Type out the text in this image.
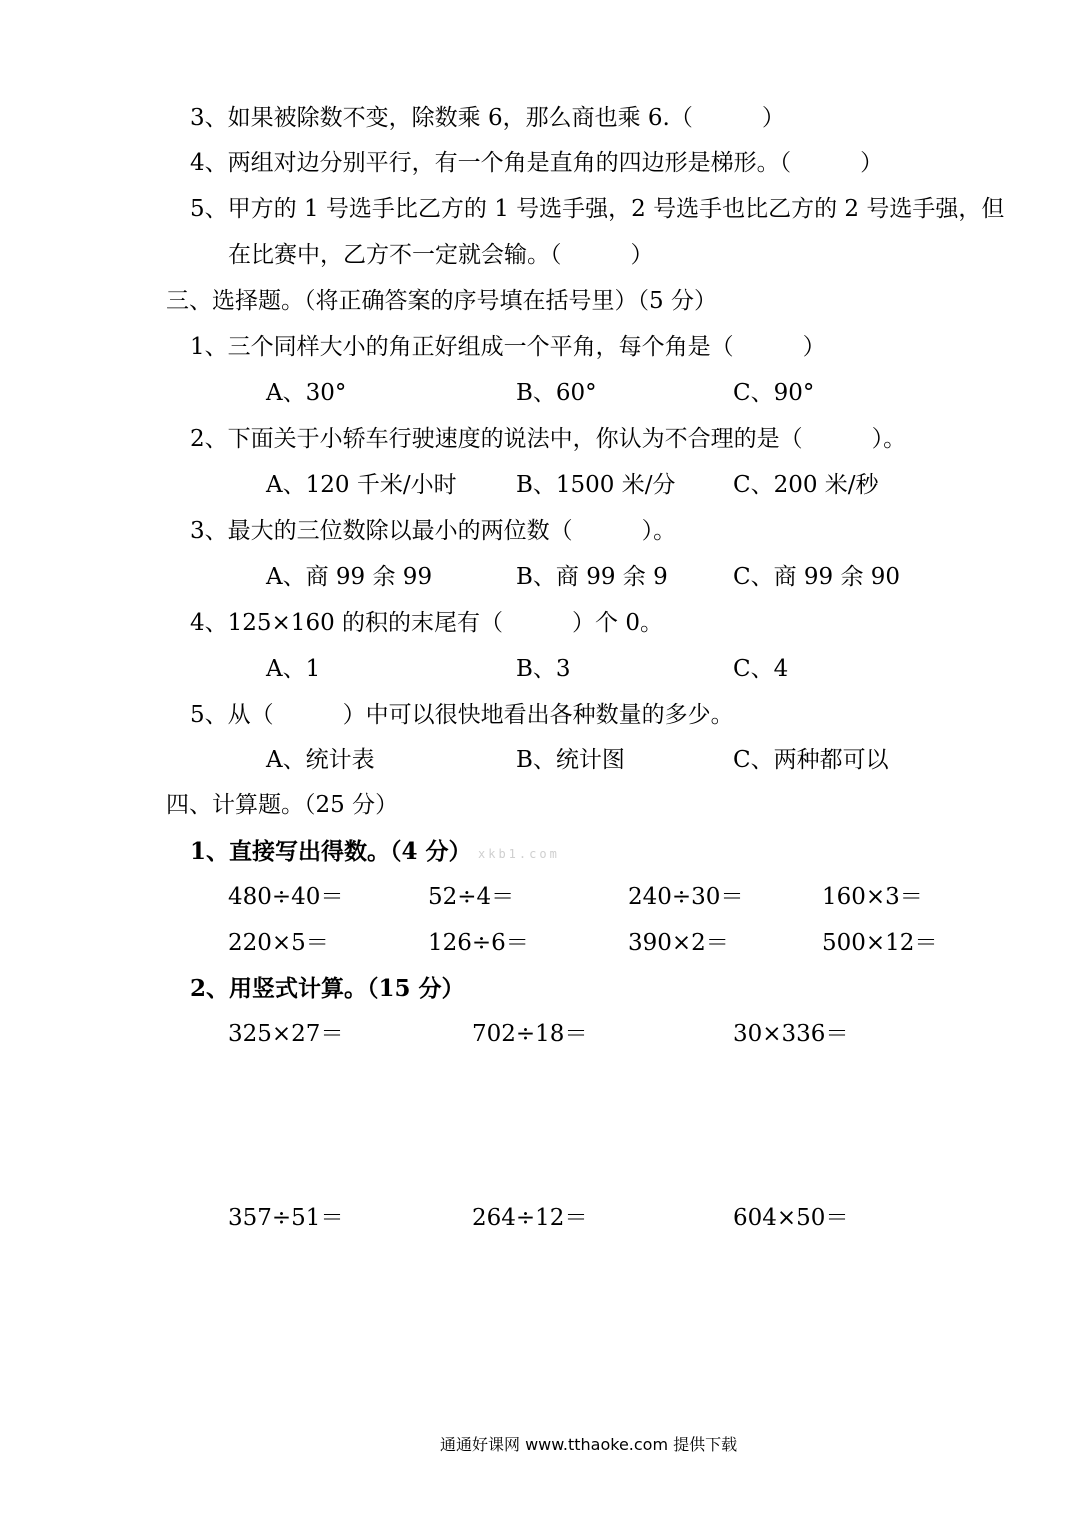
3、如果被除数不变，除数乘 6，那么商也乘 6.（　　　）
4、两组对边分别平行，有一个角是直角的四边形是梯形。（　　　）
5、甲方的 1 号选手比乙方的 1 号选手强，2 号选手也比乙方的 2 号选手强，但
在比赛中，乙方不一定就会输。（　　　）
三、选择题。（将正确答案的序号填在括号里）（5 分）
1、三个同样大小的角正好组成一个平角，每个角是（　　　）
A、30°	B、60°	C、90°
2、下面关于小轿车行驶速度的说法中，你认为不合理的是（　　　）。
A、120 千米/小时	B、1500 米/分	C、200 米/秒
3、最大的三位数除以最小的两位数（　　　）。
A、商 99 余 99	B、商 99 余 9	C、商 99 余 90
4、125×160 的积的末尾有（　　　）个 0。
A、1	B、3	C、4
5、从（　　　）中可以很快地看出各种数量的多少。
A、统计表	B、统计图	C、两种都可以
四、计算题。（25 分）
1、直接写出得数。（4 分） xkb1.com
480÷40＝	52÷4＝	240÷30＝	160×3＝
220×5＝	126÷6＝	390×2＝	500×12＝
2、用竖式计算。（15 分）
325×27＝	702÷18＝	30×336＝
357÷51＝	264÷12＝	604×50＝
通通好课网 www.tthaoke.com 提供下载
